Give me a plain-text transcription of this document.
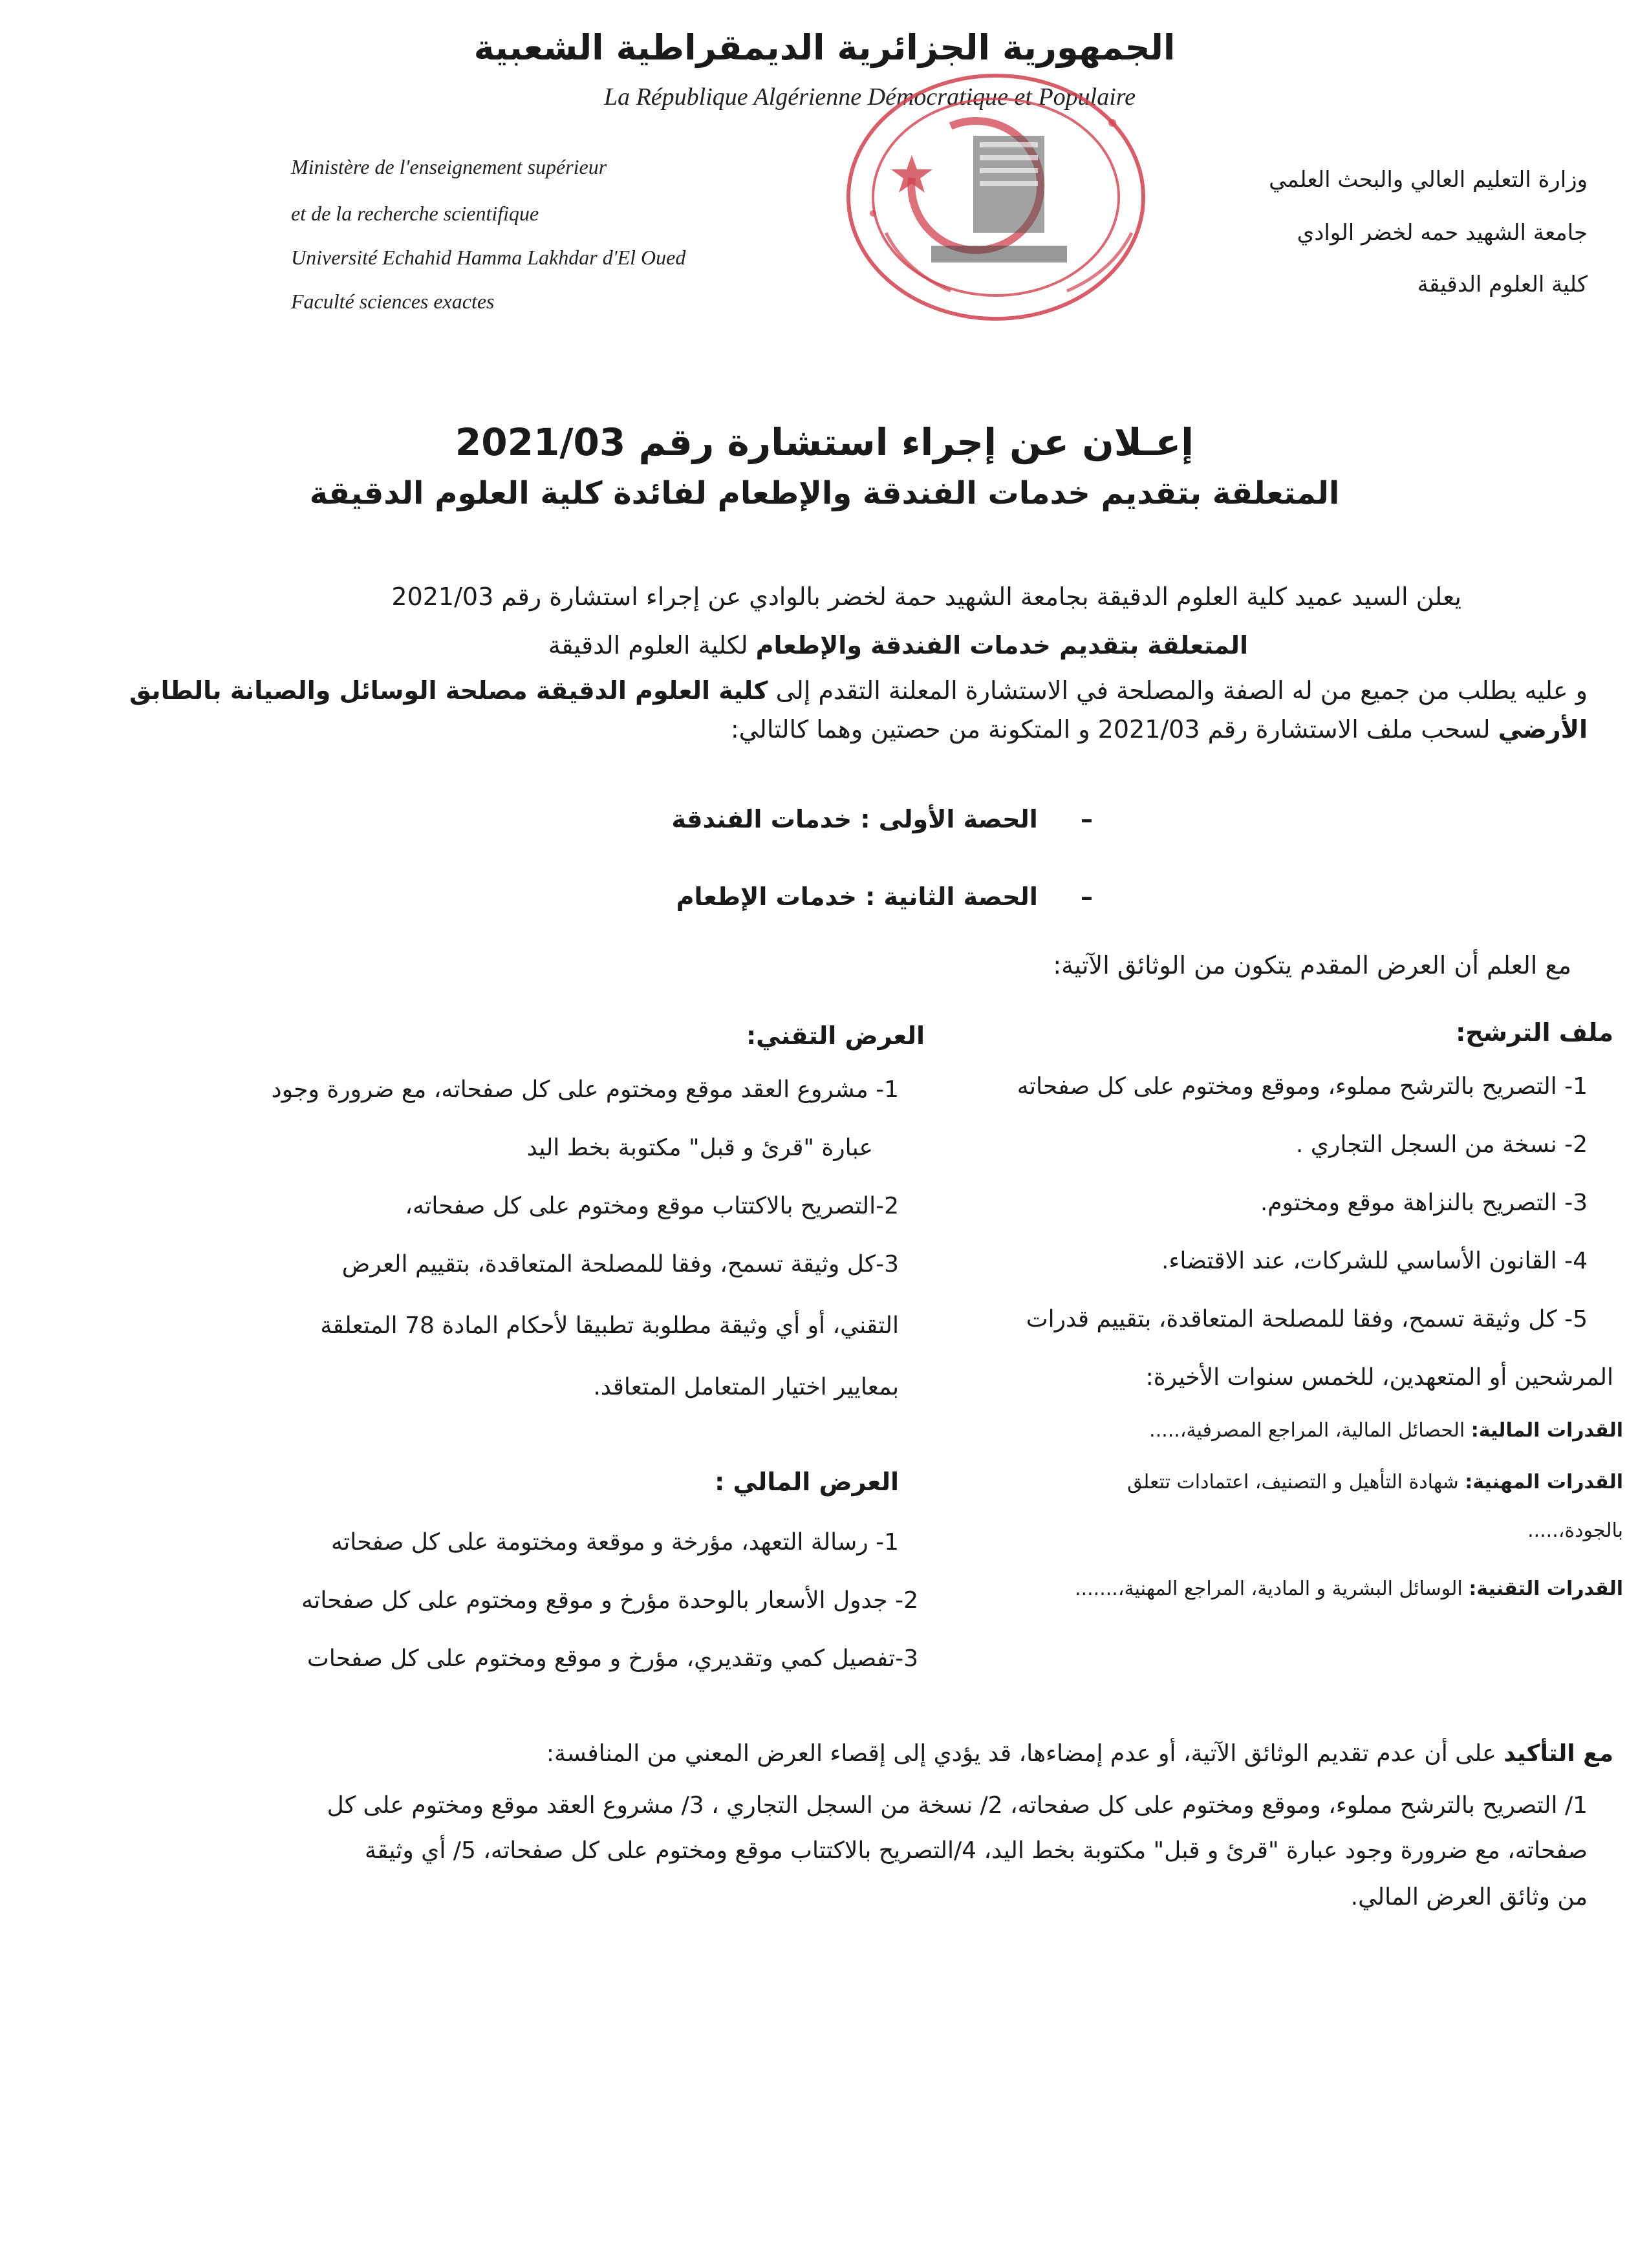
الجمهورية الجزائرية الديمقراطية الشعبية
La République Algérienne Démocratique et Populaire
Ministère de l'enseignement supérieur
et de la recherche scientifique
Université Echahid Hamma Lakhdar d'El Oued
Faculté sciences exactes
وزارة التعليم العالي والبحث العلمي
جامعة الشهيد حمه لخضر الوادي
كلية العلوم الدقيقة
إعـلان عن إجراء استشارة رقم 2021/03
المتعلقة بتقديم خدمات الفندقة والإطعام لفائدة كلية العلوم الدقيقة
يعلن السيد عميد كلية العلوم الدقيقة بجامعة الشهيد حمة لخضر بالوادي عن إجراء استشارة رقم 2021/03
المتعلقة بتقديم خدمات الفندقة والإطعام لكلية العلوم الدقيقة
و عليه يطلب من جميع من له الصفة والمصلحة في الاستشارة المعلنة التقدم إلى كلية العلوم الدقيقة مصلحة الوسائل والصيانة بالطابق
الأرضي لسحب ملف الاستشارة رقم 2021/03 و المتكونة من حصتين وهما كالتالي:
–     الحصة الأولى : خدمات الفندقة
–     الحصة الثانية : خدمات الإطعام
مع العلم أن العرض المقدم يتكون من الوثائق الآتية:
ملف الترشح:
1- التصريح بالترشح مملوء، وموقع ومختوم على كل صفحاته
2- نسخة من السجل التجاري .
3- التصريح بالنزاهة موقع ومختوم.
4- القانون الأساسي للشركات، عند الاقتضاء.
5- كل وثيقة تسمح، وفقا للمصلحة المتعاقدة، بتقييم قدرات
المرشحين أو المتعهدين، للخمس سنوات الأخيرة:
القدرات المالية: الحصائل المالية، المراجع المصرفية،.....
القدرات المهنية: شهادة التأهيل و التصنيف، اعتمادات تتعلق
بالجودة،.....
القدرات التقنية: الوسائل البشرية و المادية، المراجع المهنية،.......
العرض التقني:
1- مشروع العقد موقع ومختوم على كل صفحاته، مع ضرورة وجود
عبارة "قرئ و قبل" مكتوبة بخط اليد
2-التصريح بالاكتتاب موقع ومختوم على كل صفحاته،
3-كل وثيقة تسمح، وفقا للمصلحة المتعاقدة، بتقييم العرض
التقني، أو أي وثيقة مطلوبة تطبيقا لأحكام المادة 78 المتعلقة
بمعايير اختيار المتعامل المتعاقد.
العرض المالي :
1- رسالة التعهد، مؤرخة و موقعة ومختومة على كل صفحاته
2- جدول الأسعار بالوحدة مؤرخ و موقع ومختوم على كل صفحاته
3-تفصيل كمي وتقديري، مؤرخ و موقع ومختوم على كل صفحات
مع التأكيد على أن عدم تقديم الوثائق الآتية، أو عدم إمضاءها، قد يؤدي إلى إقصاء العرض المعني من المنافسة:
1/ التصريح بالترشح مملوء، وموقع ومختوم على كل صفحاته، 2/ نسخة من السجل التجاري ، 3/ مشروع العقد موقع ومختوم على كل
صفحاته، مع ضرورة وجود عبارة "قرئ و قبل" مكتوبة بخط اليد، 4/التصريح بالاكتتاب موقع ومختوم على كل صفحاته، 5/ أي وثيقة
من وثائق العرض المالي.
